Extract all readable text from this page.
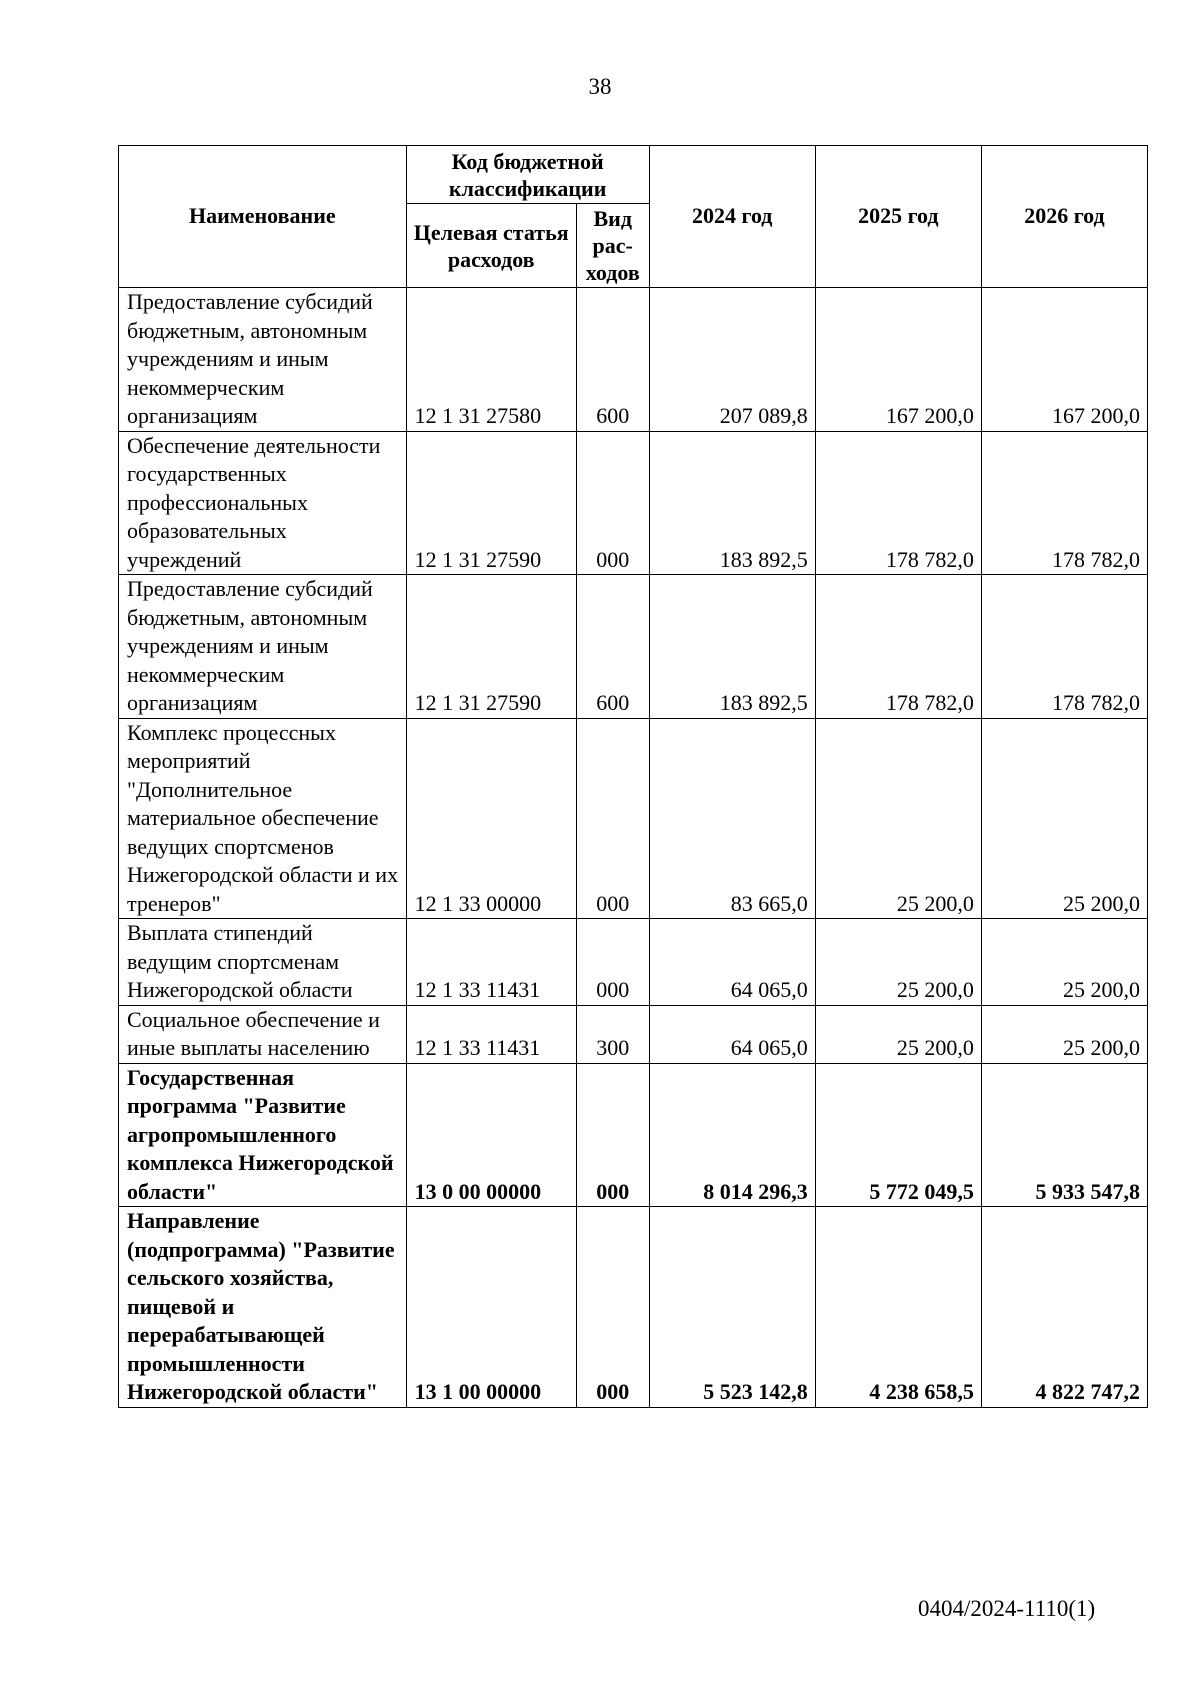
38
Наименование	Код бюджетной классификации		2024 год	2025 год	2026 год
	Целевая статья расходов	Вид рас-ходов			
Предоставление субсидий бюджетным, автономным учреждениям и иным некоммерческим организациям	12 1 31 27580	600	207 089,8	167 200,0	167 200,0
Обеспечение деятельности государственных профессиональных образовательных учреждений	12 1 31 27590	000	183 892,5	178 782,0	178 782,0
Предоставление субсидий бюджетным, автономным учреждениям и иным некоммерческим организациям	12 1 31 27590	600	183 892,5	178 782,0	178 782,0
Комплекс процессных мероприятий "Дополнительное материальное обеспечение ведущих спортсменов Нижегородской области и их тренеров"	12 1 33 00000	000	83 665,0	25 200,0	25 200,0
Выплата стипендий ведущим спортсменам Нижегородской области	12 1 33 11431	000	64 065,0	25 200,0	25 200,0
Социальное обеспечение и иные выплаты населению	12 1 33 11431	300	64 065,0	25 200,0	25 200,0
Государственная программа "Развитие агропромышленного комплекса Нижегородской области"	13 0 00 00000	000	8 014 296,3	5 772 049,5	5 933 547,8
Направление (подпрограмма) "Развитие сельского хозяйства, пищевой и перерабатывающей промышленности Нижегородской области"	13 1 00 00000	000	5 523 142,8	4 238 658,5	4 822 747,2
0404/2024-1110(1)
